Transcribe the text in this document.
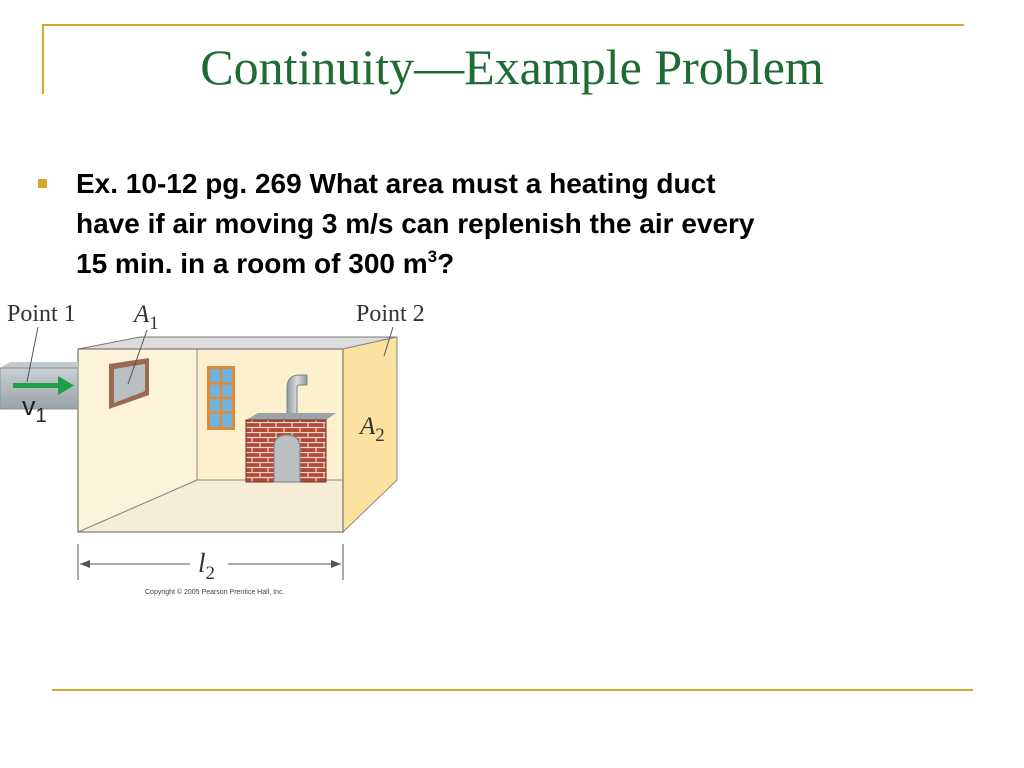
Continuity—Example Problem
Ex. 10-12 pg. 269 What area must a heating duct
have if air moving 3 m/s can replenish the air every
15 min. in a room of 300 $m^3$?
Point 1 $A_1$	Point 2
$v_1$	$A_2$
$l_2$
Copyright © 2005 Pearson Prentice Hall, Inc.
